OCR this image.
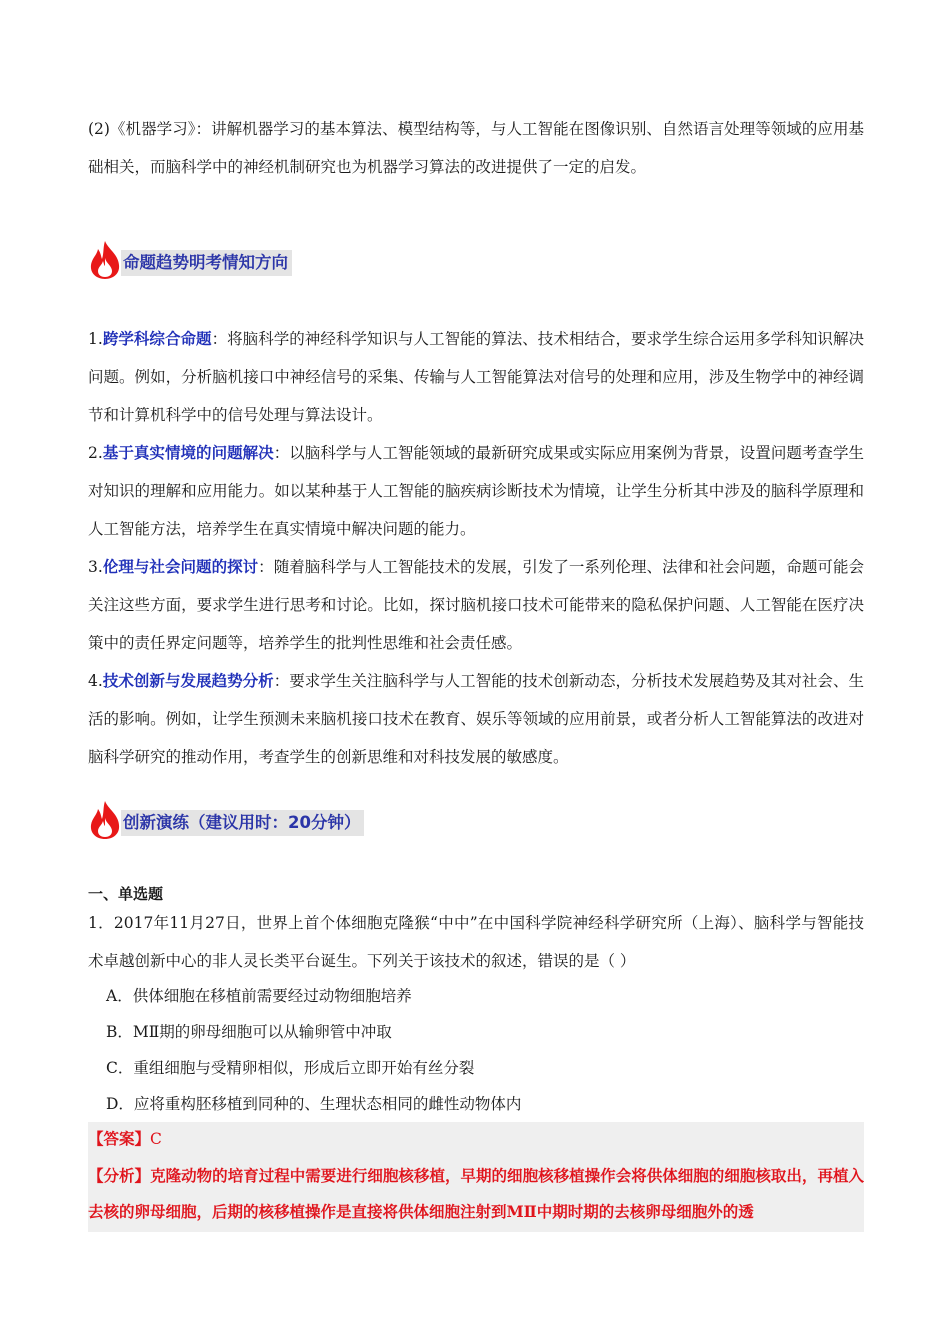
(2)《机器学习》：讲解机器学习的基本算法、模型结构等，与人工智能在图像识别、自然语言处理等领域的应用基础相关，而脑科学中的神经机制研究也为机器学习算法的改进提供了一定的启发。

命题趋势明考情知方向

1.跨学科综合命题：将脑科学的神经科学知识与人工智能的算法、技术相结合，要求学生综合运用多学科知识解决问题。例如，分析脑机接口中神经信号的采集、传输与人工智能算法对信号的处理和应用，涉及生物学中的神经调节和计算机科学中的信号处理与算法设计。

2.基于真实情境的问题解决：以脑科学与人工智能领域的最新研究成果或实际应用案例为背景，设置问题考查学生对知识的理解和应用能力。如以某种基于人工智能的脑疾病诊断技术为情境，让学生分析其中涉及的脑科学原理和人工智能方法，培养学生在真实情境中解决问题的能力。

3.伦理与社会问题的探讨：随着脑科学与人工智能技术的发展，引发了一系列伦理、法律和社会问题，命题可能会关注这些方面，要求学生进行思考和讨论。比如，探讨脑机接口技术可能带来的隐私保护问题、人工智能在医疗决策中的责任界定问题等，培养学生的批判性思维和社会责任感。

4.技术创新与发展趋势分析：要求学生关注脑科学与人工智能的技术创新动态，分析技术发展趋势及其对社会、生活的影响。例如，让学生预测未来脑机接口技术在教育、娱乐等领域的应用前景，或者分析人工智能算法的改进对脑科学研究的推动作用，考查学生的创新思维和对科技发展的敏感度。

创新演练（建议用时：20分钟）
一、单选题

1．2017年11月27日，世界上首个体细胞克隆猴“中中”在中国科学院神经科学研究所（上海）、脑科学与智能技术卓越创新中心的非人灵长类平台诞生。下列关于该技术的叙述，错误的是（ ）

A．供体细胞在移植前需要经过动物细胞培养
B．MⅡ期的卵母细胞可以从输卵管中冲取
C．重组细胞与受精卵相似，形成后立即开始有丝分裂
D．应将重构胚移植到同种的、生理状态相同的雌性动物体内

【答案】C

【分析】克隆动物的培育过程中需要进行细胞核移植，早期的细胞核移植操作会将供体细胞的细胞核取出，再植入去核的卵母细胞，后期的核移植操作是直接将供体细胞注射到MⅡ中期时期的去核卵母细胞外的透
